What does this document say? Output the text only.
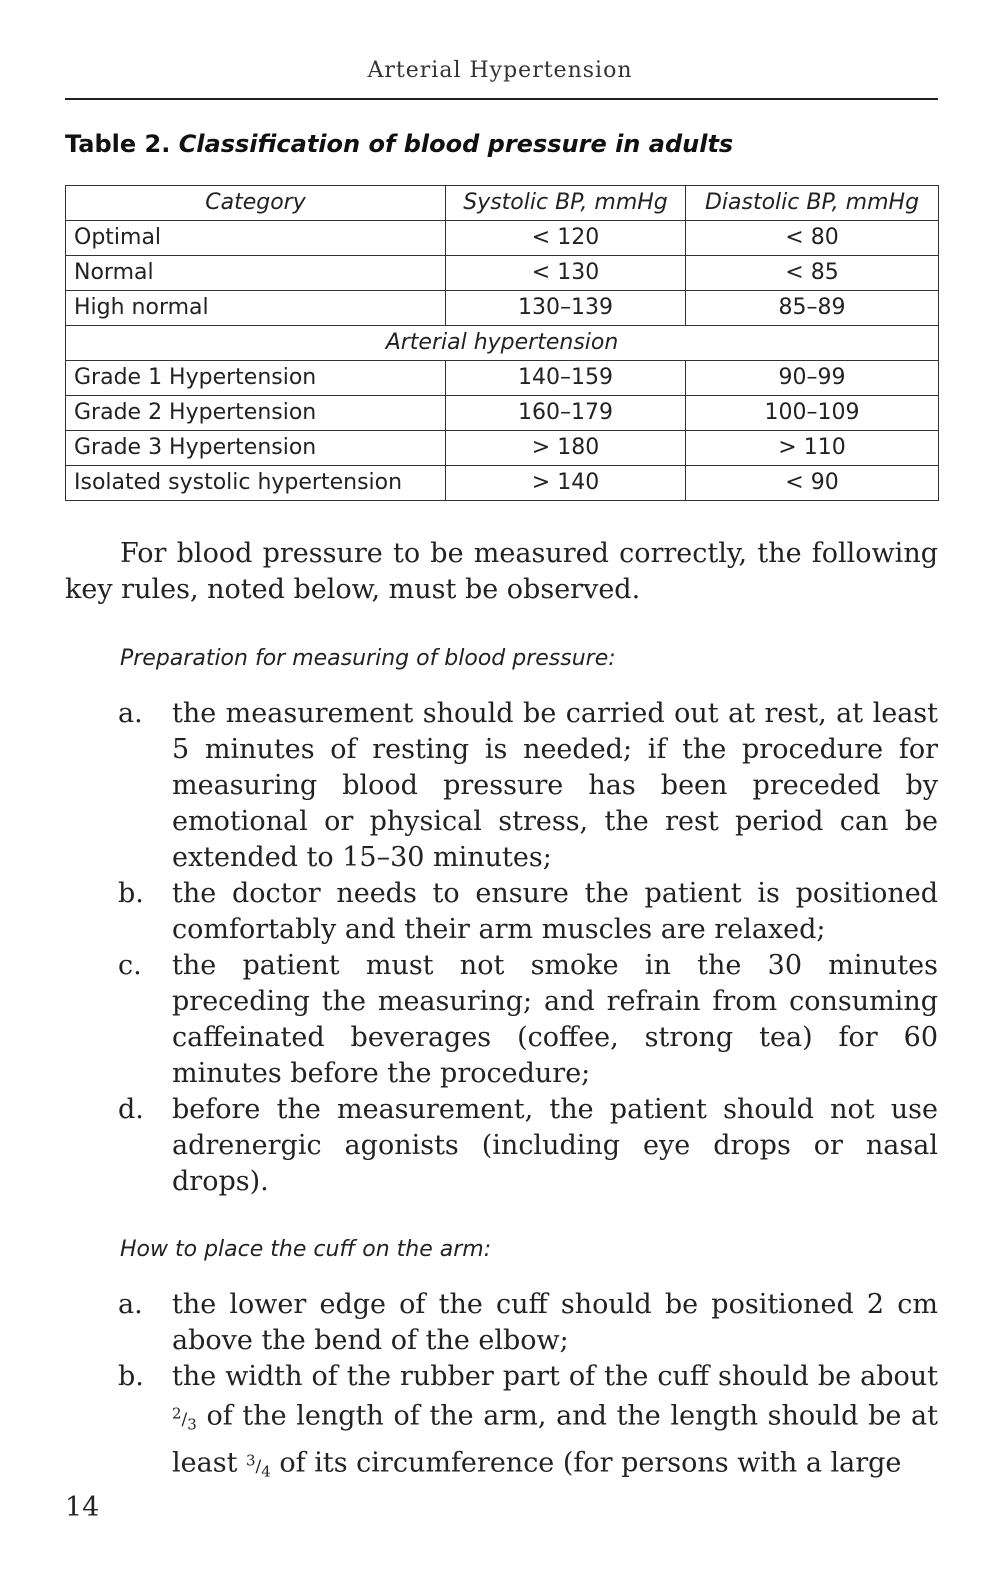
Arterial Hypertension
Table 2. Classification of blood pressure in adults
Category	Systolic BP, mmHg	Diastolic BP, mmHg
Optimal	< 120	< 80
Normal	< 130	< 85
High normal	130–139	85–89
Arterial hypertension		
Grade 1 Hypertension	140–159	90–99
Grade 2 Hypertension	160–179	100–109
Grade 3 Hypertension	> 180	> 110
Isolated systolic hypertension	> 140	< 90

For blood pressure to be measured correctly, the following key rules, noted below, must be observed.

Preparation for measuring of blood pressure:
a.	the measurement should be carried out at rest, at least 5 minutes of resting is needed; if the procedure for measuring blood pressure has been preceded by emotional or physical stress, the rest period can be extended to 15–30 minutes;
b.	the doctor needs to ensure the patient is positioned comfortably and their arm muscles are relaxed;
c.	the patient must not smoke in the 30 minutes preceding the measuring; and refrain from consuming caffeinated beverages (coffee, strong tea) for 60 minutes before the procedure;
d.	before the measurement, the patient should not use adrenergic agonists (including eye drops or nasal drops).
How to place the cuff on the arm:
a.	the lower edge of the cuff should be positioned 2 cm above the bend of the elbow;
b.	the width of the rubber part of the cuff should be about $^2/_3$ of the length of the arm, and the length should be at least $^3/_4$ of its circumference (for persons with a large
14
